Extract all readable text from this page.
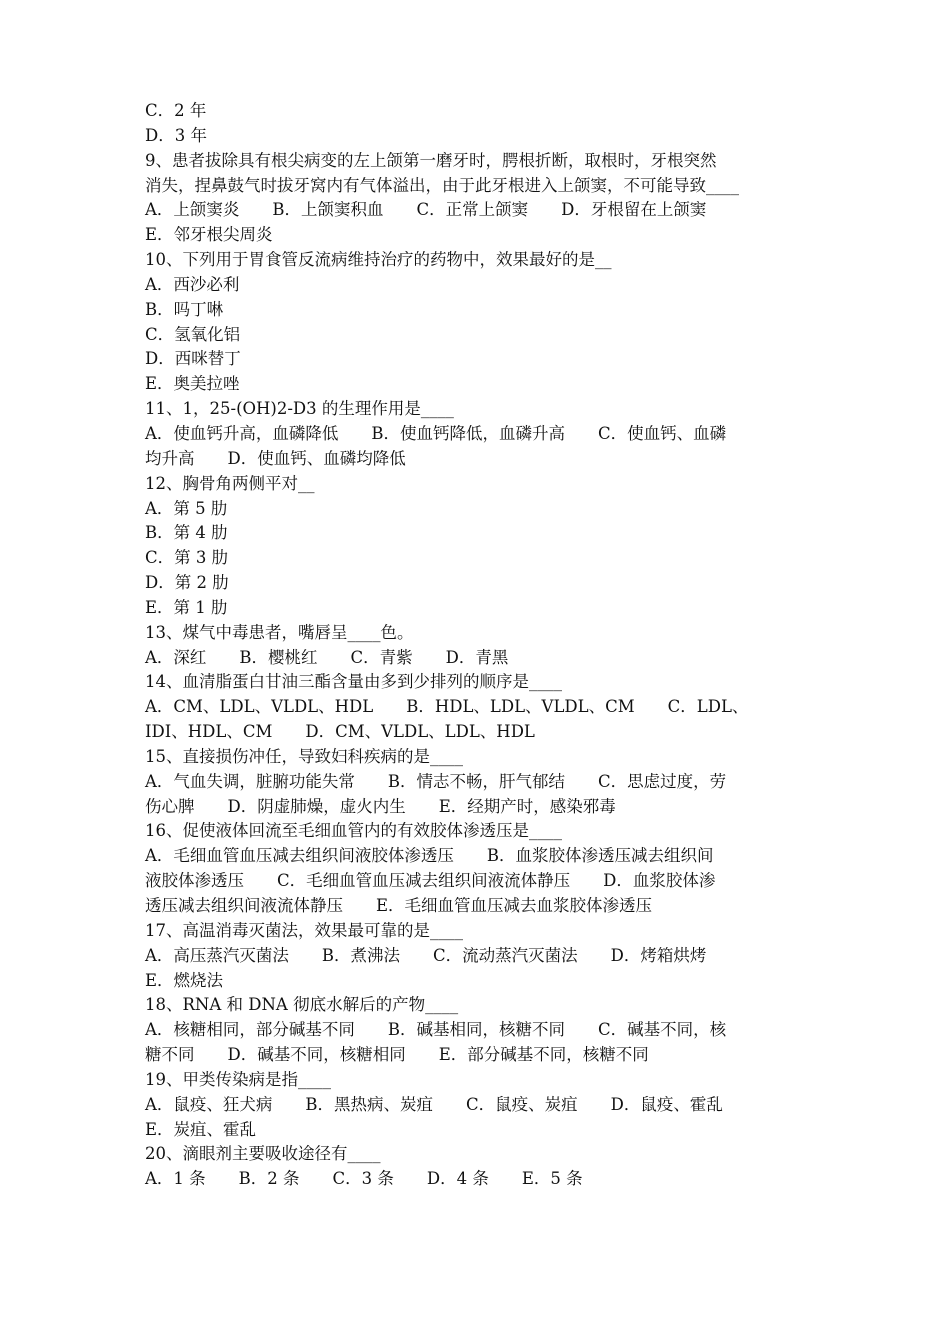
C．2 年
D．3 年
9、患者拔除具有根尖病变的左上颌第一磨牙时，腭根折断，取根时，牙根突然
消失，捏鼻鼓气时拔牙窝内有气体溢出，由于此牙根进入上颌窦，不可能导致____
A．上颌窦炎　　B．上颌窦积血　　C．正常上颌窦　　D．牙根留在上颌窦
E．邻牙根尖周炎
10、下列用于胃食管反流病维持治疗的药物中，效果最好的是__
A．西沙必利
B．吗丁啉
C．氢氧化铝
D．西咪替丁
E．奥美拉唑
11、1，25-(OH)2-D3 的生理作用是____
A．使血钙升高，血磷降低　　B．使血钙降低，血磷升高　　C．使血钙、血磷
均升高　　D．使血钙、血磷均降低
12、胸骨角两侧平对__
A．第 5 肋
B．第 4 肋
C．第 3 肋
D．第 2 肋
E．第 1 肋
13、煤气中毒患者，嘴唇呈____色。
A．深红　　B．樱桃红　　C．青紫　　D．青黑
14、血清脂蛋白甘油三酯含量由多到少排列的顺序是____
A．CM、LDL、VLDL、HDL　　B．HDL、LDL、VLDL、CM　　C．LDL、
IDI、HDL、CM　　D．CM、VLDL、LDL、HDL
15、直接损伤冲任，导致妇科疾病的是____
A．气血失调，脏腑功能失常　　B．情志不畅，肝气郁结　　C．思虑过度，劳
伤心脾　　D．阴虚肺燥，虚火内生　　E．经期产时，感染邪毒
16、促使液体回流至毛细血管内的有效胶体渗透压是____
A．毛细血管血压减去组织间液胶体渗透压　　B．血浆胶体渗透压减去组织间
液胶体渗透压　　C．毛细血管血压减去组织间液流体静压　　D．血浆胶体渗
透压减去组织间液流体静压　　E．毛细血管血压减去血浆胶体渗透压
17、高温消毒灭菌法，效果最可靠的是____
A．高压蒸汽灭菌法　　B．煮沸法　　C．流动蒸汽灭菌法　　D．烤箱烘烤
E．燃烧法
18、RNA 和 DNA 彻底水解后的产物____
A．核糖相同，部分碱基不同　　B．碱基相同，核糖不同　　C．碱基不同，核
糖不同　　D．碱基不同，核糖相同　　E．部分碱基不同，核糖不同
19、甲类传染病是指____
A．鼠疫、狂犬病　　B．黑热病、炭疽　　C．鼠疫、炭疽　　D．鼠疫、霍乱
E．炭疽、霍乱
20、滴眼剂主要吸收途径有____
A．1 条　　B．2 条　　C．3 条　　D．4 条　　E．5 条
